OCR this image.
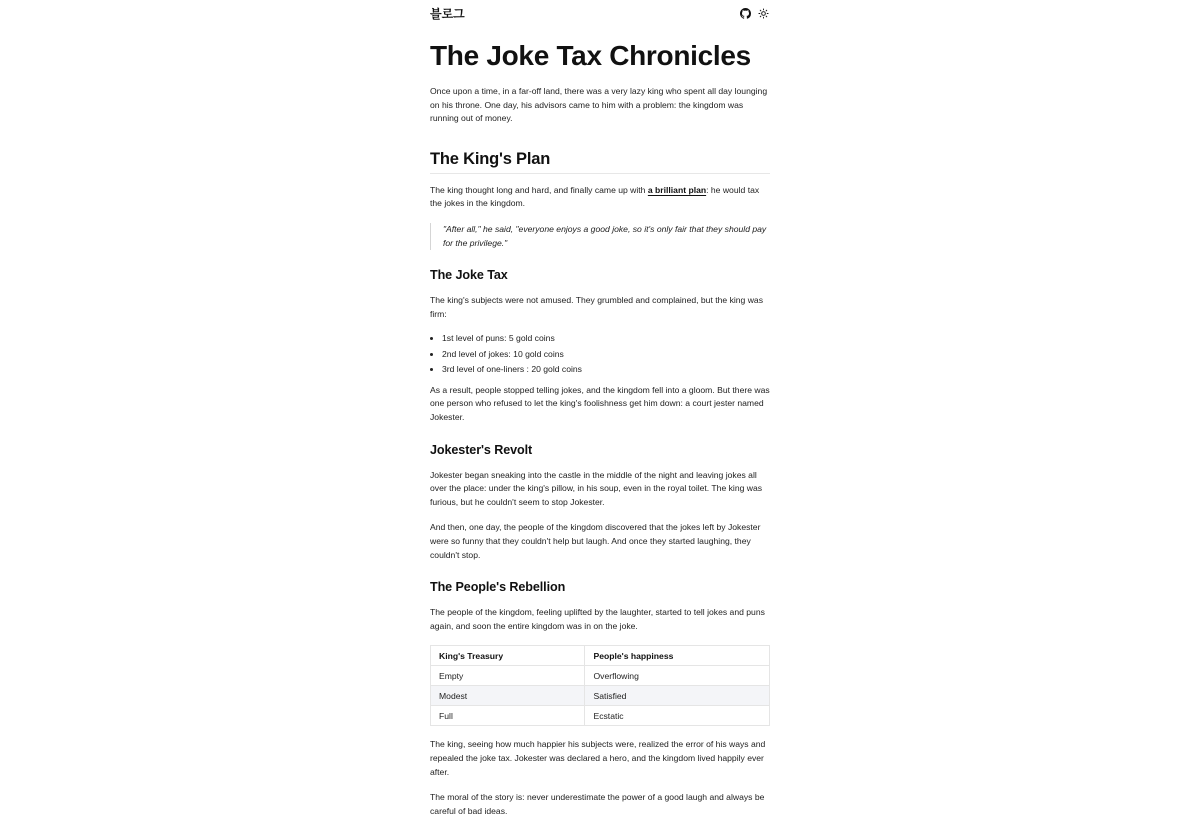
블로그
The Joke Tax Chronicles

Once upon a time, in a far-off land, there was a very lazy king who spent all day lounging on his throne. One day, his advisors came to him with a problem: the kingdom was running out of money.

The King's Plan

The king thought long and hard, and finally came up with a brilliant plan: he would tax the jokes in the kingdom.

"After all," he said, "everyone enjoys a good joke, so it's only fair that they should pay for the privilege."
The Joke Tax

The king's subjects were not amused. They grumbled and complained, but the king was firm:

• 1st level of puns: 5 gold coins
• 2nd level of jokes: 10 gold coins
• 3rd level of one-liners : 20 gold coins

As a result, people stopped telling jokes, and the kingdom fell into a gloom. But there was one person who refused to let the king's foolishness get him down: a court jester named Jokester.

Jokester's Revolt

Jokester began sneaking into the castle in the middle of the night and leaving jokes all over the place: under the king's pillow, in his soup, even in the royal toilet. The king was furious, but he couldn't seem to stop Jokester.

And then, one day, the people of the kingdom discovered that the jokes left by Jokester were so funny that they couldn't help but laugh. And once they started laughing, they couldn't stop.

The People's Rebellion

The people of the kingdom, feeling uplifted by the laughter, started to tell jokes and puns again, and soon the entire kingdom was in on the joke.

King's Treasury	People's happiness
Empty	Overflowing
Modest	Satisfied
Full	Ecstatic

The king, seeing how much happier his subjects were, realized the error of his ways and repealed the joke tax. Jokester was declared a hero, and the kingdom lived happily ever after.

The moral of the story is: never underestimate the power of a good laugh and always be careful of bad ideas.
